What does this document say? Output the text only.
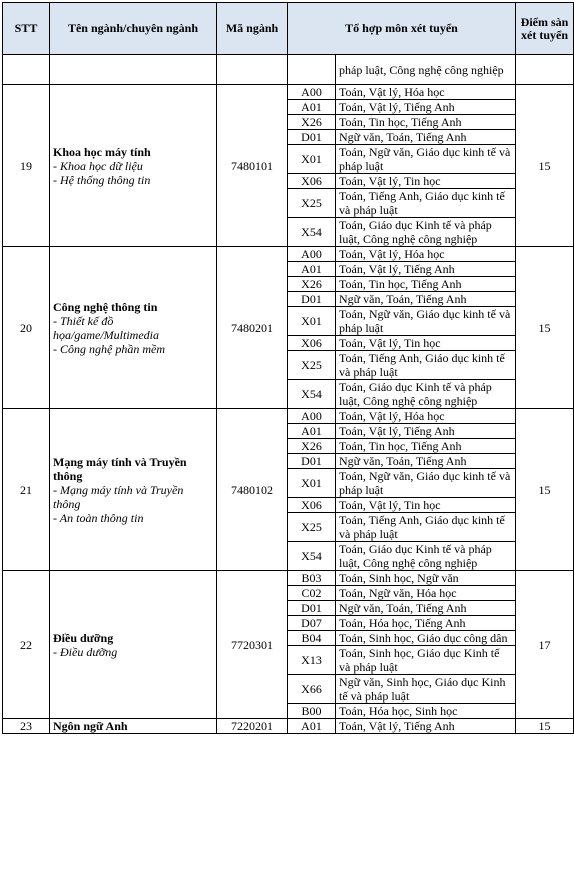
STT	Tên ngành/chuyên ngành	Mã ngành	Tổ hợp môn xét tuyển		Điểm sàn xét tuyển
				pháp luật, Công nghệ công nghiệp	
19	Khoa học máy tính
- Khoa học dữ liệu
- Hệ thống thông tin	7480101	A00	Toán, Vật lý, Hóa học	15
			A01	Toán, Vật lý, Tiếng Anh	
			X26	Toán, Tin học, Tiếng Anh	
			D01	Ngữ văn, Toán, Tiếng Anh	
			X01	Toán, Ngữ văn, Giáo dục kinh tế và pháp luật	
			X06	Toán, Vật lý, Tin học	
			X25	Toán, Tiếng Anh, Giáo dục kinh tế và pháp luật	
			X54	Toán, Giáo dục Kinh tế và pháp luật, Công nghệ công nghiệp	
20	Công nghệ thông tin
- Thiết kế đồ họa/game/Multimedia
- Công nghệ phần mềm	7480201	A00	Toán, Vật lý, Hóa học	15
			A01	Toán, Vật lý, Tiếng Anh	
			X26	Toán, Tin học, Tiếng Anh	
			D01	Ngữ văn, Toán, Tiếng Anh	
			X01	Toán, Ngữ văn, Giáo dục kinh tế và pháp luật	
			X06	Toán, Vật lý, Tin học	
			X25	Toán, Tiếng Anh, Giáo dục kinh tế và pháp luật	
			X54	Toán, Giáo dục Kinh tế và pháp luật, Công nghệ công nghiệp	
21	Mạng máy tính và Truyền thông
- Mạng máy tính và Truyền thông
- An toàn thông tin	7480102	A00	Toán, Vật lý, Hóa học	15
			A01	Toán, Vật lý, Tiếng Anh	
			X26	Toán, Tin học, Tiếng Anh	
			D01	Ngữ văn, Toán, Tiếng Anh	
			X01	Toán, Ngữ văn, Giáo dục kinh tế và pháp luật	
			X06	Toán, Vật lý, Tin học	
			X25	Toán, Tiếng Anh, Giáo dục kinh tế và pháp luật	
			X54	Toán, Giáo dục Kinh tế và pháp luật, Công nghệ công nghiệp	
22	Điều dưỡng
- Điều dưỡng	7720301	B03	Toán, Sinh học, Ngữ văn	17
			C02	Toán, Ngữ văn, Hóa học	
			D01	Ngữ văn, Toán, Tiếng Anh	
			D07	Toán, Hóa học, Tiếng Anh	
			B04	Toán, Sinh học, Giáo dục công dân	
			X13	Toán, Sinh học, Giáo dục Kinh tế và pháp luật	
			X66	Ngữ văn, Sinh học, Giáo dục Kinh tế và pháp luật	
			B00	Toán, Hóa học, Sinh học	
23	Ngôn ngữ Anh	7220201	A01	Toán, Vật lý, Tiếng Anh	15
